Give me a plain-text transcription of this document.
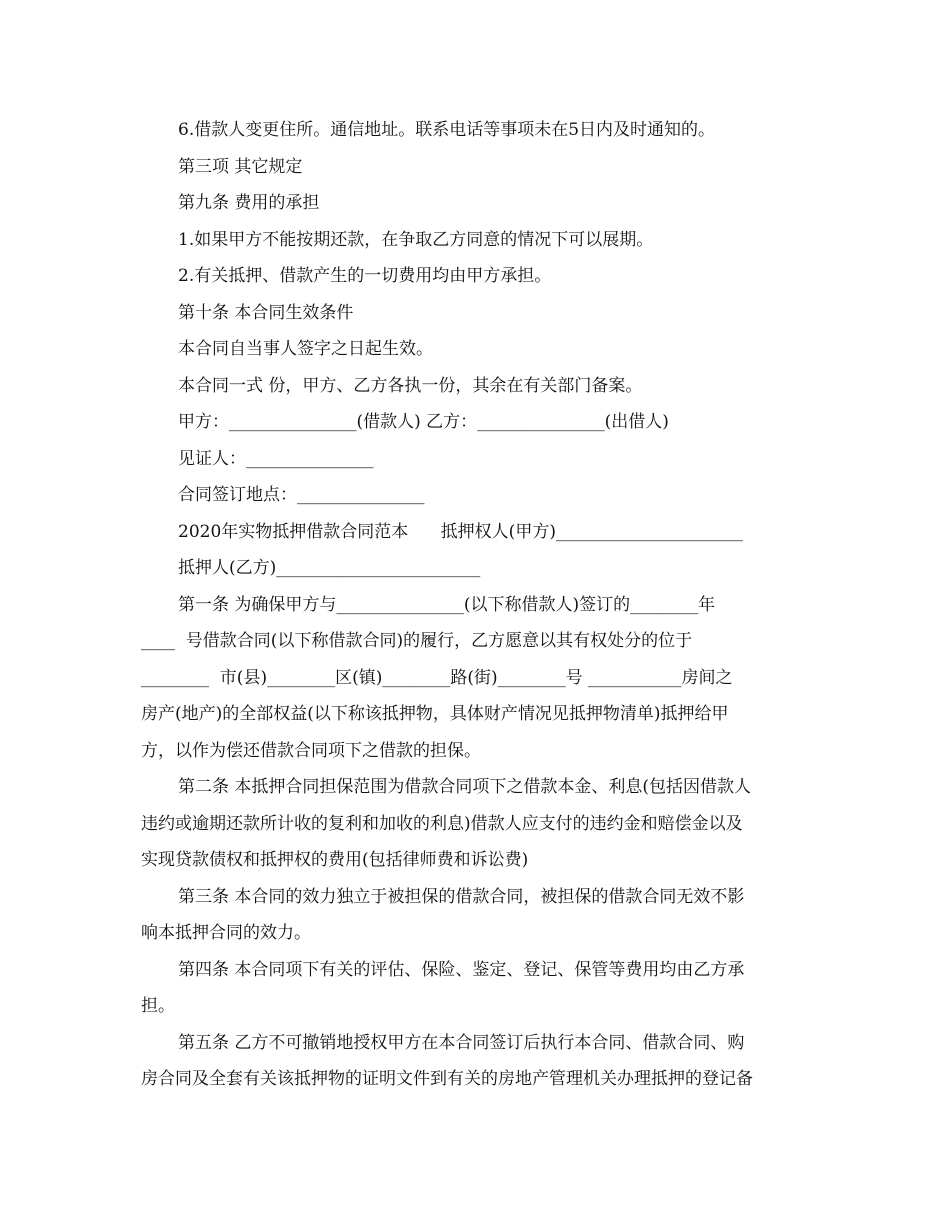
6.借款人变更住所。通信地址。联系电话等事项未在5日内及时通知的。
第三项 其它规定
第九条 费用的承担
1.如果甲方不能按期还款，在争取乙方同意的情况下可以展期。
2.有关抵押、借款产生的一切费用均由甲方承担。
第十条 本合同生效条件
本合同自当事人签字之日起生效。
本合同一式 份，甲方、乙方各执一份，其余在有关部门备案。
甲方：_______________(借款人) 乙方：_______________(出借人)
见证人：_______________
合同签订地点：_______________
2020年实物抵押借款合同范本      抵押权人(甲方)______________________
抵押人(乙方)________________________
第一条 为确保甲方与_______________(以下称借款人)签订的________年
____  号借款合同(以下称借款合同)的履行，乙方愿意以其有权处分的位于
________  市(县)________区(镇)________路(街)________号 ___________房间之
房产(地产)的全部权益(以下称该抵押物，具体财产情况见抵押物清单)抵押给甲
方，以作为偿还借款合同项下之借款的担保。
第二条 本抵押合同担保范围为借款合同项下之借款本金、利息(包括因借款人
违约或逾期还款所计收的复利和加收的利息)借款人应支付的违约金和赔偿金以及
实现贷款债权和抵押权的费用(包括律师费和诉讼费)
第三条 本合同的效力独立于被担保的借款合同，被担保的借款合同无效不影
响本抵押合同的效力。
第四条 本合同项下有关的评估、保险、鉴定、登记、保管等费用均由乙方承
担。
第五条 乙方不可撤销地授权甲方在本合同签订后执行本合同、借款合同、购
房合同及全套有关该抵押物的证明文件到有关的房地产管理机关办理抵押的登记备
